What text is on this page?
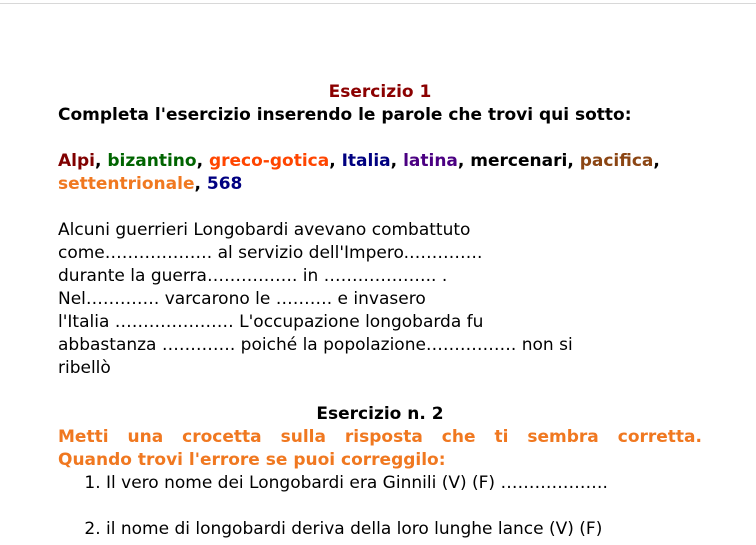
Esercizio 1
Completa l'esercizio inserendo le parole che trovi qui sotto:
Alpi, bizantino, greco-gotica, Italia, latina, mercenari, pacifica, settentrionale, 568
Alcuni guerrieri Longobardi avevano combattuto
come………………. al servizio dell'Impero.………….
durante la guerra……………. in ……………….. .
Nel…………. varcarono le ………. e invasero
l'Italia ………………… L'occupazione longobarda fu
abbastanza …………. poiché la popolazione……………. non si
ribellò
Esercizio n. 2
Metti una crocetta sulla risposta che ti sembra corretta.
Quando trovi l'errore se puoi correggilo:
1. Il vero nome dei Longobardi era Ginnili (V) (F) ……………….
2. il nome di longobardi deriva della loro lunghe lance (V) (F)
